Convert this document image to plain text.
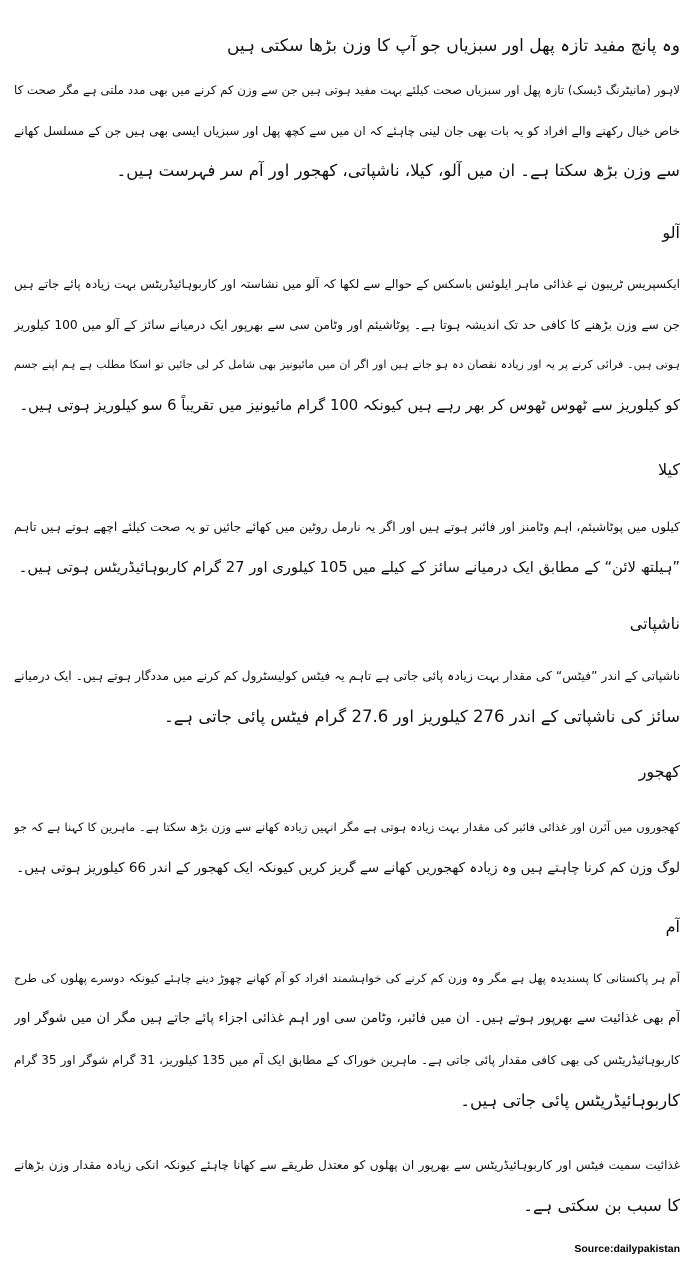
وہ پانچ مفید تازہ پھل اور سبزیاں جو آپ کا وزن بڑھا سکتی ہیں
لاہور (مانیٹرنگ ڈیسک) تازہ پھل اور سبزیاں صحت کیلئے بہت مفید ہوتی ہیں جن سے وزن کم کرنے میں بھی مدد ملتی ہے مگر صحت کا
خاص خیال رکھنے والے افراد کو یہ بات بھی جان لینی چاہئے کہ ان میں سے کچھ پھل اور سبزیاں ایسی بھی ہیں جن کے مسلسل کھانے
سے وزن بڑھ سکتا ہے۔ ان میں آلو، کیلا، ناشپاتی، کھجور اور آم سر فہرست ہیں۔
آلو
ایکسپریس ٹریبون نے غذائی ماہر ایلوئس باسکس کے حوالے سے لکھا کہ آلو میں نشاستہ اور کاربوہائیڈریٹس بہت زیادہ پائے جاتے ہیں
جن سے وزن بڑھنے کا کافی حد تک اندیشہ ہوتا ہے۔ پوٹاشیئم اور وٹامن سی سے بھرپور ایک درمیانے سائز کے آلو میں 100 کیلوریز
ہوتی ہیں۔ فرائی کرنے پر یہ اور زیادہ نقصان دہ ہو جاتے ہیں اور اگر ان میں مائیونیز بھی شامل کر لی جائیں تو اسکا مطلب ہے ہم اپنے جسم
کو کیلوریز سے ٹھوس ٹھوس کر بھر رہے ہیں کیونکہ 100 گرام مائیونیز میں تقریباً 6 سو کیلوریز ہوتی ہیں۔
کیلا
کیلوں میں پوٹاشیئم، اہم وٹامنز اور فائبر ہوتے ہیں اور اگر یہ نارمل روٹین میں کھائے جائیں تو یہ صحت کیلئے اچھے ہوتے ہیں تاہم
”ہیلتھ لائن“ کے مطابق ایک درمیانے سائز کے کیلے میں 105 کیلوری اور 27 گرام کاربوہائیڈریٹس ہوتی ہیں۔
ناشپاتی
ناشپاتی کے اندر ”فیٹس“ کی مقدار بہت زیادہ پائی جاتی ہے تاہم یہ فیٹس کولیسٹرول کم کرنے میں مددگار ہوتے ہیں۔ ایک درمیانے
سائز کی ناشپاتی کے اندر 276 کیلوریز اور 27.6 گرام فیٹس پائی جاتی ہے۔
کھجور
کھجوروں میں آئرن اور غذائی فائبر کی مقدار بہت زیادہ ہوتی ہے مگر انہیں زیادہ کھانے سے وزن بڑھ سکتا ہے۔ ماہرین کا کہنا ہے کہ جو
لوگ وزن کم کرنا چاہتے ہیں وہ زیادہ کھجوریں کھانے سے گریز کریں کیونکہ ایک کھجور کے اندر 66 کیلوریز ہوتی ہیں۔
آم
آم ہر پاکستانی کا پسندیدہ پھل ہے مگر وہ وزن کم کرنے کی خواہشمند افراد کو آم کھانے چھوڑ دینے چاہئے کیونکہ دوسرے پھلوں کی طرح
آم بھی غذائیت سے بھرپور ہوتے ہیں۔ ان میں فائبر، وٹامن سی اور اہم غذائی اجزاء پائے جاتے ہیں مگر ان میں شوگر اور
کاربوہائیڈریٹس کی بھی کافی مقدار پائی جاتی ہے۔ ماہرین خوراک کے مطابق ایک آم میں 135 کیلوریز، 31 گرام شوگر اور 35 گرام
کاربوہائیڈریٹس پائی جاتی ہیں۔
غذائیت سمیت فیٹس اور کاربوہائیڈریٹس سے بھرپور ان پھلوں کو معتدل طریقے سے کھانا چاہئے کیونکہ انکی زیادہ مقدار وزن بڑھانے
کا سبب بن سکتی ہے۔
Source:dailypakistan
